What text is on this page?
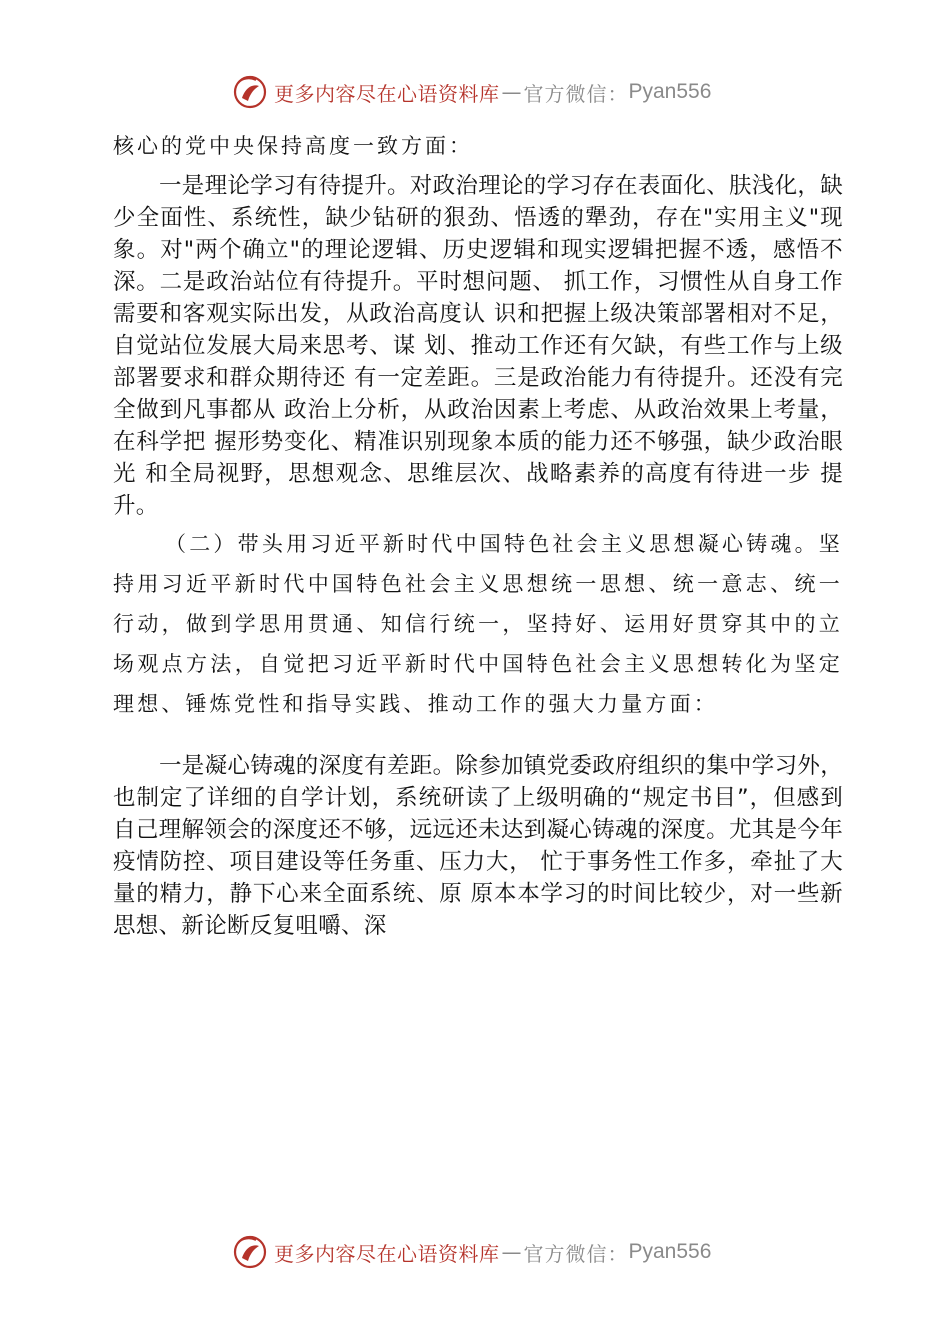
更多内容尽在心语资料库 — 官方微信： Pyan556

核心的党中央保持高度一致方面：

一是理论学习有待提升。对政治理论的学习存在表面化、肤浅化，缺少全面性、系统性，缺少钻研的狠劲、悟透的犟劲，存在"实用主义"现象。对"两个确立"的理论逻辑、历史逻辑和现实逻辑把握不透，感悟不深。二是政治站位有待提升。平时想问题、 抓工作，习惯性从自身工作需要和客观实际出发，从政治高度认 识和把握上级决策部署相对不足，自觉站位发展大局来思考、谋 划、推动工作还有欠缺，有些工作与上级部署要求和群众期待还 有一定差距。三是政治能力有待提升。还没有完全做到凡事都从 政治上分析，从政治因素上考虑、从政治效果上考量，在科学把 握形势变化、精准识别现象本质的能力还不够强，缺少政治眼光 和全局视野，思想观念、思维层次、战略素养的高度有待进一步 提升。

（二）带头用习近平新时代中国特色社会主义思想凝心铸魂。坚持用习近平新时代中国特色社会主义思想统一思想、统一意志、统一行动，做到学思用贯通、知信行统一，坚持好、运用好贯穿其中的立场观点方法，自觉把习近平新时代中国特色社会主义思想转化为坚定理想、锤炼党性和指导实践、推动工作的强大力量方面：

一是凝心铸魂的深度有差距。除参加镇党委政府组织的集中学习外，也制定了详细的自学计划，系统研读了上级明确的“规定书目”，但感到自己理解领会的深度还不够，远远还未达到凝心铸魂的深度。尤其是今年疫情防控、项目建设等任务重、压力大， 忙于事务性工作多，牵扯了大量的精力，静下心来全面系统、原 原本本学习的时间比较少，对一些新思想、新论断反复咀嚼、深

更多内容尽在心语资料库 — 官方微信： Pyan556
